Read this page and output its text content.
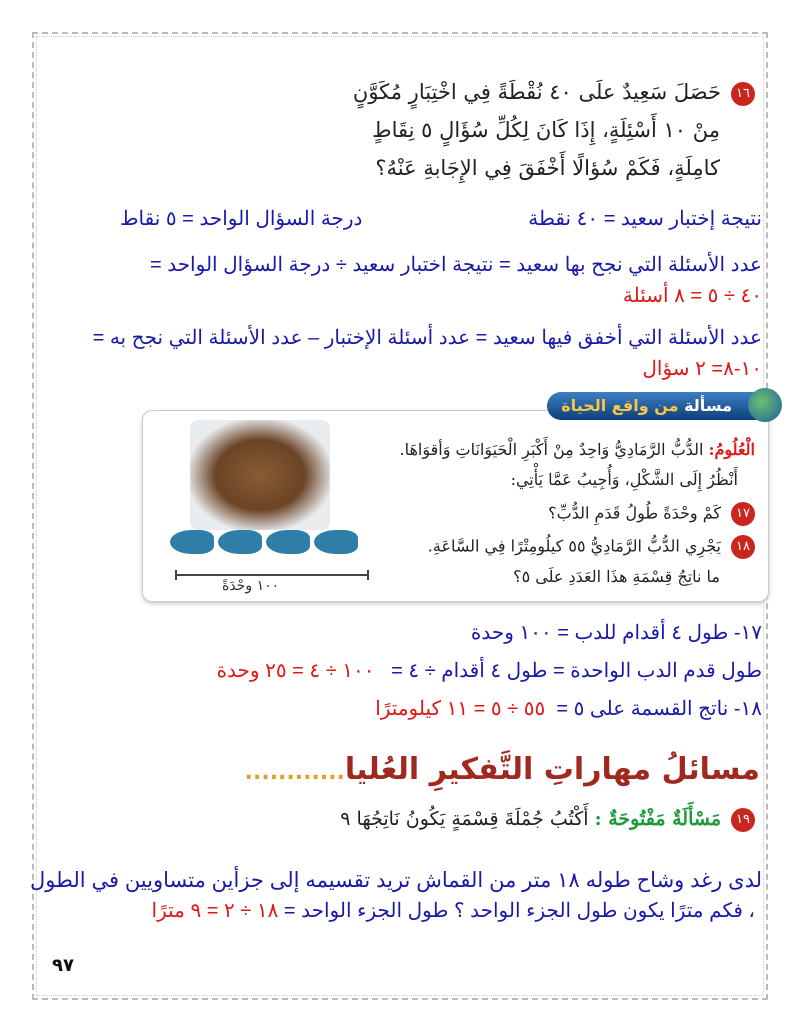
١٦حَصَلَ سَعِيدٌ علَى ٤٠ نُقْطَةً فِي اخْتِبَارٍ مُكَوَّنٍ
مِنْ ١٠ أَسْئِلَةٍ، إِذَا كَانَ لِكُلِّ سُؤَالٍ ٥ نِقَاطٍ
كامِلَةٍ، فَكَمْ سُؤالًا أَخْفَقَ فِي الإِجَابةِ عَنْهُ؟
نتيجة إختبار سعيد = ٤٠ نقطة
درجة السؤال الواحد = ٥ نقاط
عدد الأسئلة التي نجح بها سعيد = نتيجة اختبار سعيد ÷ درجة السؤال الواحد =
٤٠ ÷ ٥ = ٨ أسئلة
عدد الأسئلة التي أخفق فيها سعيد = عدد أسئلة الإختبار – عدد الأسئلة التي نجح به =
١٠-٨= ٢ سؤال
مسألة من واقع الحياة
١٠٠ وحْدَةً
الْعُلُومُ: الدُّبُّ الرَّمَادِيُّ وَاحِدٌ مِنْ أَكْبَرِ الْحَيَوَانَاتِ وَأقوَاهَا.
أَنْظُرُ إِلَى الشَّكْلِ، وَأُجِيبُ عَمَّا يَأْتِي:
١٧كَمْ وحْدَةً طُولُ قَدَمِ الدُّبِّ؟
١٨يَجْرِي الدُّبُّ الرَّمَادِيُّ ٥٥ كيلُومِتْرًا فِي السَّاعَةِ.
ما ناتِجُ قِسْمَةِ هذَا العَدَدِ علَى ٥؟
١٧- طول ٤ أقدام للدب = ١٠٠ وحدة
طول قدم الدب الواحدة = طول ٤ أقدام ÷ ٤ =   ١٠٠ ÷ ٤ = ٢٥ وحدة
١٨- ناتج القسمة على ٥ =  ٥٥ ÷ ٥ = ١١ كيلومترًا
مسائلُ مهاراتِ التَّفكيرِ العُليا............
١٩مَسْأَلَةٌ مَفْتُوحَةٌ : أَكْتُبُ جُمْلَةَ قِسْمَةٍ يَكُونُ نَاتِجُهَا ٩
لدى رغد وشاح طوله ١٨ متر من القماش تريد تقسيمه إلى جزأين متساويين في الطول
، فكم مترًا يكون طول الجزء الواحد ؟ طول الجزء الواحد = ١٨ ÷ ٢ = ٩ مترًا
٩٧
